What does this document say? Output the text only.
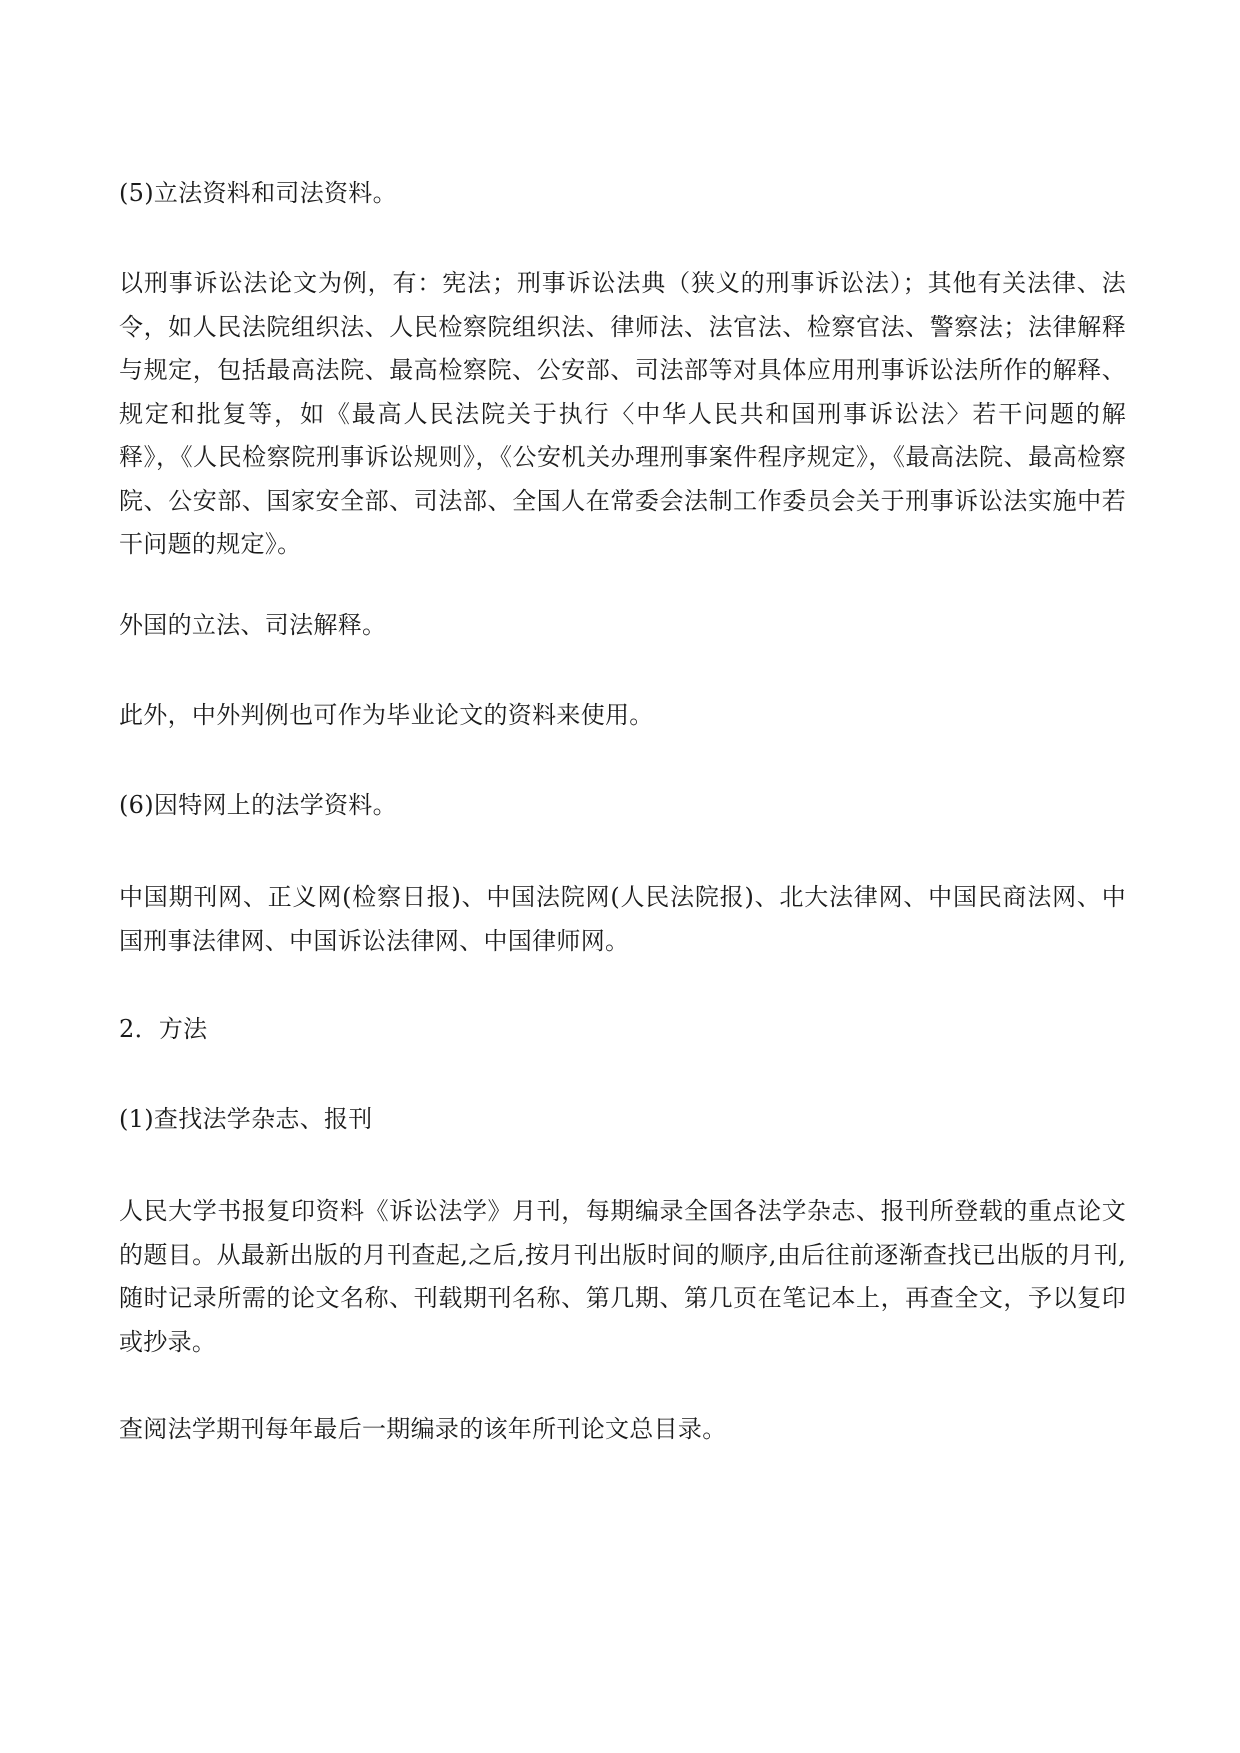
(5)立法资料和司法资料。

以刑事诉讼法论文为例，有：宪法；刑事诉讼法典（狭义的刑事诉讼法）；其他有关法律、法令，如人民法院组织法、人民检察院组织法、律师法、法官法、检察官法、警察法；法律解释与规定，包括最高法院、最高检察院、公安部、司法部等对具体应用刑事诉讼法所作的解释、规定和批复等，如《最高人民法院关于执行〈中华人民共和国刑事诉讼法〉若干问题的解释》，《人民检察院刑事诉讼规则》，《公安机关办理刑事案件程序规定》，《最高法院、最高检察院、公安部、国家安全部、司法部、全国人在常委会法制工作委员会关于刑事诉讼法实施中若干问题的规定》。

外国的立法、司法解释。

此外，中外判例也可作为毕业论文的资料来使用。

(6)因特网上的法学资料。

中国期刊网、正义网(检察日报)、中国法院网(人民法院报)、北大法律网、中国民商法网、中国刑事法律网、中国诉讼法律网、中国律师网。

2．方法

(1)查找法学杂志、报刊

人民大学书报复印资料《诉讼法学》月刊，每期编录全国各法学杂志、报刊所登载的重点论文的题目。从最新出版的月刊查起,之后,按月刊出版时间的顺序,由后往前逐渐查找已出版的月刊,随时记录所需的论文名称、刊载期刊名称、第几期、第几页在笔记本上，再查全文，予以复印或抄录。

查阅法学期刊每年最后一期编录的该年所刊论文总目录。
